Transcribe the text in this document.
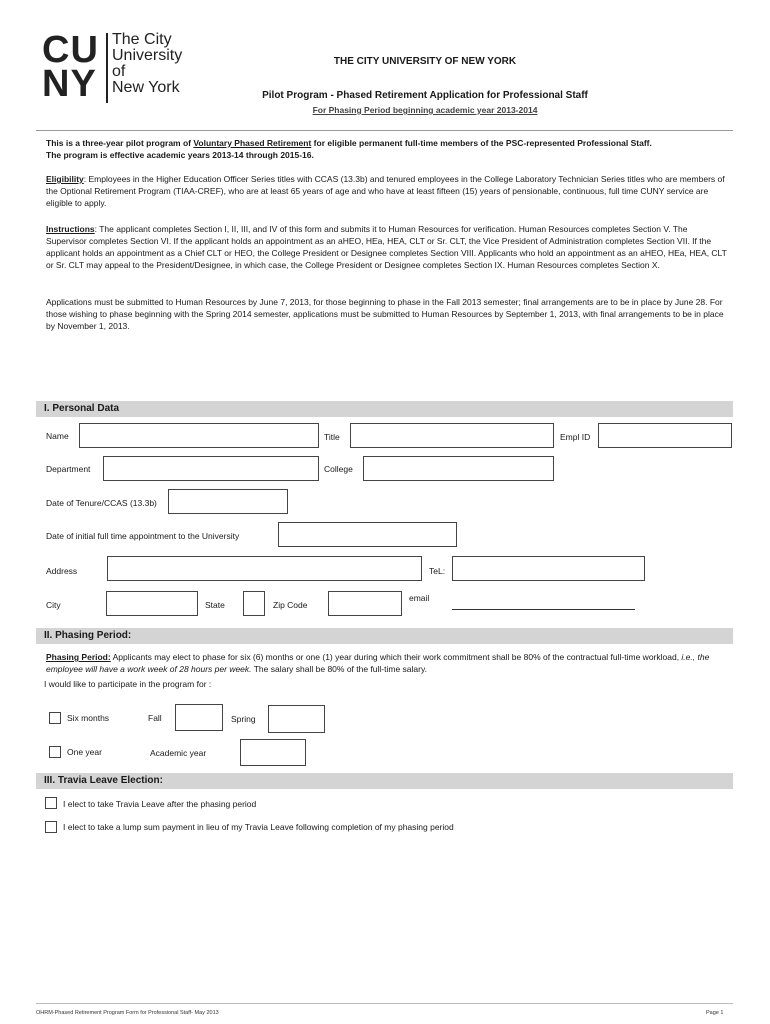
C U
N Y
The City
University
of
New York
THE CITY UNIVERSITY OF NEW YORK
Pilot Program - Phased Retirement Application for Professional Staff
For Phasing Period beginning academic year 2013-2014
This is a three-year pilot program of Voluntary Phased Retirement for eligible permanent full-time members of the PSC-represented Professional Staff.
The program is effective academic years 2013-14 through 2015-16.
Eligibility: Employees in the Higher Education Officer Series titles with CCAS (13.3b) and tenured employees in the College Laboratory Technician Series titles who are members of the Optional Retirement Program (TIAA-CREF), who are at least 65 years of age and who have at least fifteen (15) years of pensionable, continuous, full time CUNY service are eligible to apply.
Instructions: The applicant completes Section I, II, III, and IV of this form and submits it to Human Resources for verification. Human Resources completes Section V. The Supervisor completes Section VI. If the applicant holds an appointment as an aHEO, HEa, HEA, CLT or Sr. CLT, the Vice President of Administration completes Section VII. If the applicant holds an appointment as a Chief CLT or HEO, the College President or Designee completes Section VIII. Applicants who hold an appointment as an aHEO, HEa, HEA, CLT or Sr. CLT may appeal to the President/Designee, in which case, the College President or Designee completes Section IX. Human Resources completes Section X.
Applications must be submitted to Human Resources by June 7, 2013, for those beginning to phase in the Fall 2013 semester; final arrangements are to be in place by June 28. For those wishing to phase beginning with the Spring 2014 semester, applications must be submitted to Human Resources by September 1, 2013, with final arrangements to be in place by November 1, 2013.
I. Personal Data
Name	Title	Empl ID
Department	College
Date of Tenure/CCAS (13.3b)
Date of initial full time appointment to the University
Address	TeL:
City	State	Zip Code
email
II. Phasing Period:
Phasing Period: Applicants may elect to phase for six (6) months or one (1) year during which their work commitment shall be 80% of the contractual full-time workload, i.e., the employee will have a work week of 28 hours per week. The salary shall be 80% of the full-time salary.
I would like to participate in the program for :
Six months	Fall	Spring
One year	Academic year
III. Travia Leave Election:
I elect to take Travia Leave after the phasing period
I elect to take a lump sum payment in lieu of my Travia Leave following completion of my phasing period
OHRM-Phased Retirement Program Form for Professional Staff- May 2013	Page 1
